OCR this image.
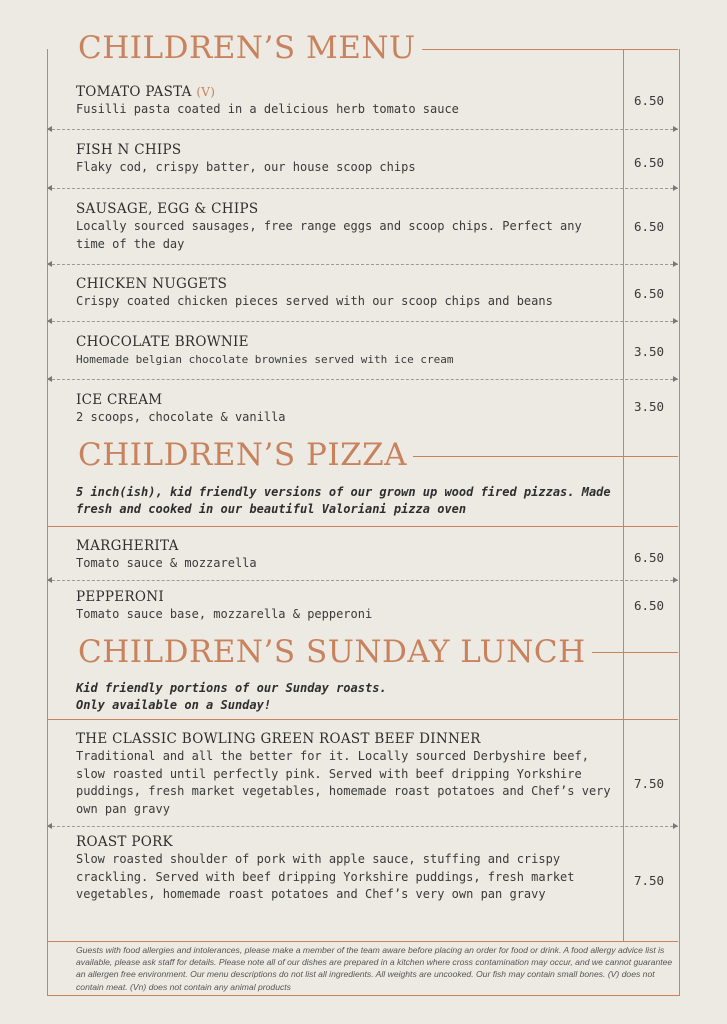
CHILDREN’S MENU
TOMATO PASTA (V)
Fusilli pasta coated in a delicious herb tomato sauce
6.50
FISH N CHIPS
Flaky cod, crispy batter, our house scoop chips	6.50
SAUSAGE, EGG & CHIPS
Locally sourced sausages, free range eggs and scoop chips. Perfect any time of the day
6.50
CHICKEN NUGGETS
Crispy coated chicken pieces served with our scoop chips and beans	6.50
CHOCOLATE BROWNIE
Homemade belgian chocolate brownies served with ice cream
3.50
ICE CREAM
2 scoops, chocolate & vanilla
3.50
CHILDREN’S PIZZA
5 inch(ish), kid friendly versions of our grown up wood fired pizzas. Made fresh and cooked in our beautiful Valoriani pizza oven
MARGHERITA
Tomato sauce & mozzarella	6.50
PEPPERONI
Tomato sauce base, mozzarella & pepperoni
6.50
CHILDREN’S SUNDAY LUNCH
Kid friendly portions of our Sunday roasts.
Only available on a Sunday!
THE CLASSIC BOWLING GREEN ROAST BEEF DINNER
Traditional and all the better for it. Locally sourced Derbyshire beef, slow roasted until perfectly pink. Served with beef dripping Yorkshire puddings, fresh market vegetables, homemade roast potatoes and Chef’s very own pan gravy
7.50
ROAST PORK
Slow roasted shoulder of pork with apple sauce, stuffing and crispy crackling. Served with beef dripping Yorkshire puddings, fresh market vegetables, homemade roast potatoes and Chef’s very own pan gravy
7.50
Guests with food allergies and intolerances, please make a member of the team aware before placing an order for food or drink. A food allergy advice list is available, please ask staff for details. Please note all of our dishes are prepared in a kitchen where cross contamination may occur, and we cannot guarantee an allergen free environment. Our menu descriptions do not list all ingredients. All weights are uncooked. Our fish may contain small bones. (V) does not contain meat. (Vn) does not contain any animal products
